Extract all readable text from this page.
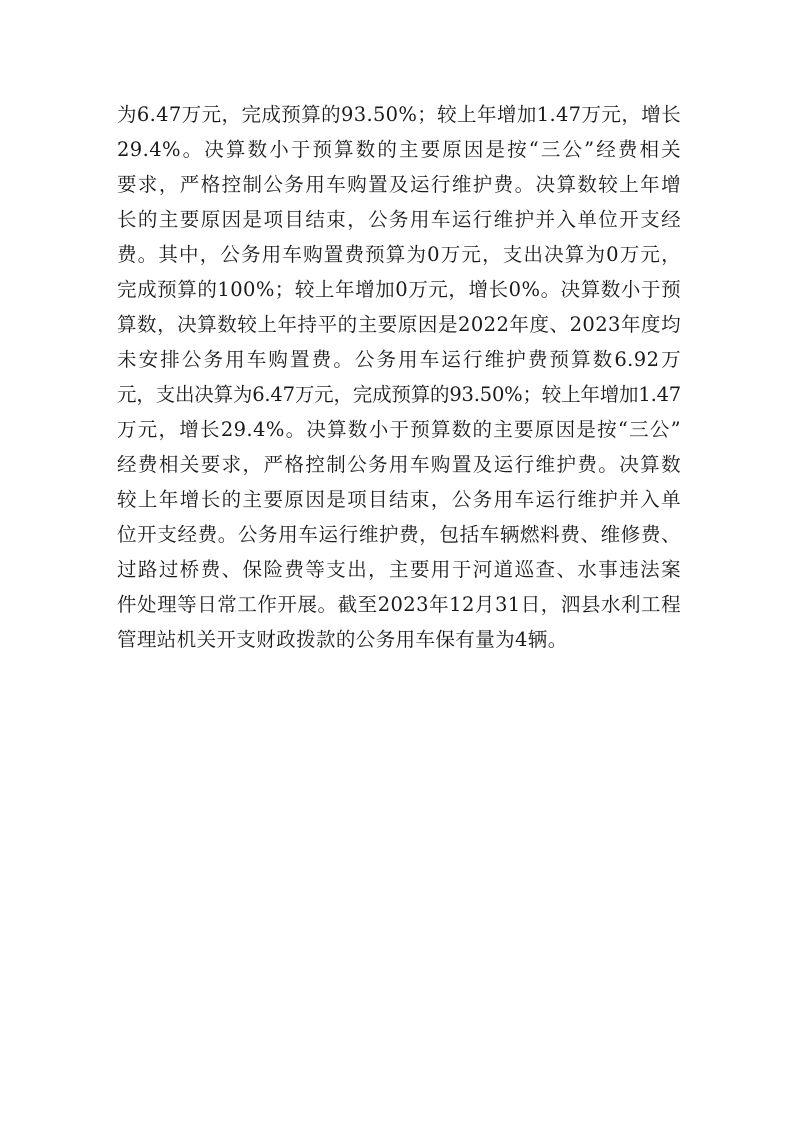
为6.47万元，完成预算的93.50%；较上年增加1.47万元，增长
29.4%。决算数小于预算数的主要原因是按“三公”经费相关
要求，严格控制公务用车购置及运行维护费。决算数较上年增
长的主要原因是项目结束，公务用车运行维护并入单位开支经
费。其中，公务用车购置费预算为0万元，支出决算为0万元，
完成预算的100%；较上年增加0万元，增长0%。决算数小于预
算数，决算数较上年持平的主要原因是2022年度、2023年度均
未安排公务用车购置费。公务用车运行维护费预算数6.92万
元，支出决算为6.47万元，完成预算的93.50%；较上年增加1.47
万元，增长29.4%。决算数小于预算数的主要原因是按“三公”
经费相关要求，严格控制公务用车购置及运行维护费。决算数
较上年增长的主要原因是项目结束，公务用车运行维护并入单
位开支经费。公务用车运行维护费，包括车辆燃料费、维修费、
过路过桥费、保险费等支出，主要用于河道巡查、水事违法案
件处理等日常工作开展。截至2023年12月31日，泗县水利工程
管理站机关开支财政拨款的公务用车保有量为4辆。
